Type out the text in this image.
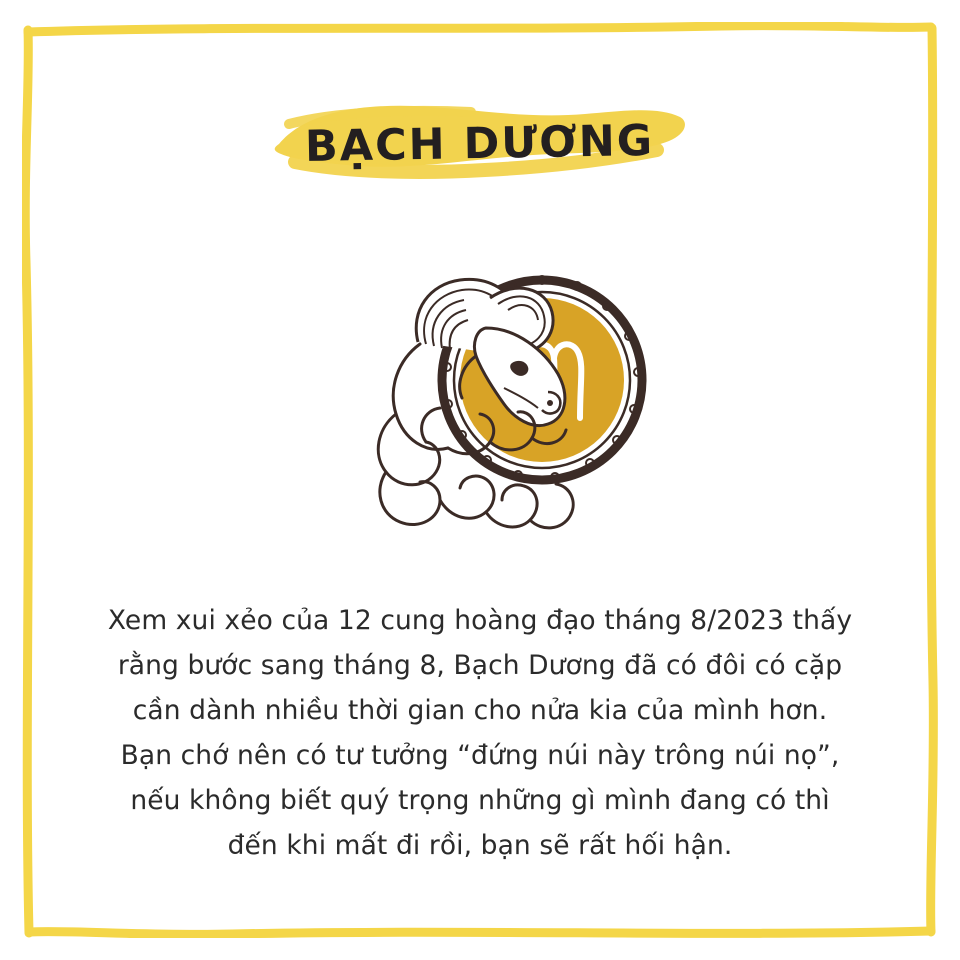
BẠCH DƯƠNG
Xem xui xẻo của 12 cung hoàng đạo tháng 8/2023 thấy
rằng bước sang tháng 8, Bạch Dương đã có đôi có cặp
cần dành nhiều thời gian cho nửa kia của mình hơn.
Bạn chớ nên có tư tưởng “đứng núi này trông núi nọ”,
nếu không biết quý trọng những gì mình đang có thì
đến khi mất đi rồi, bạn sẽ rất hối hận.
